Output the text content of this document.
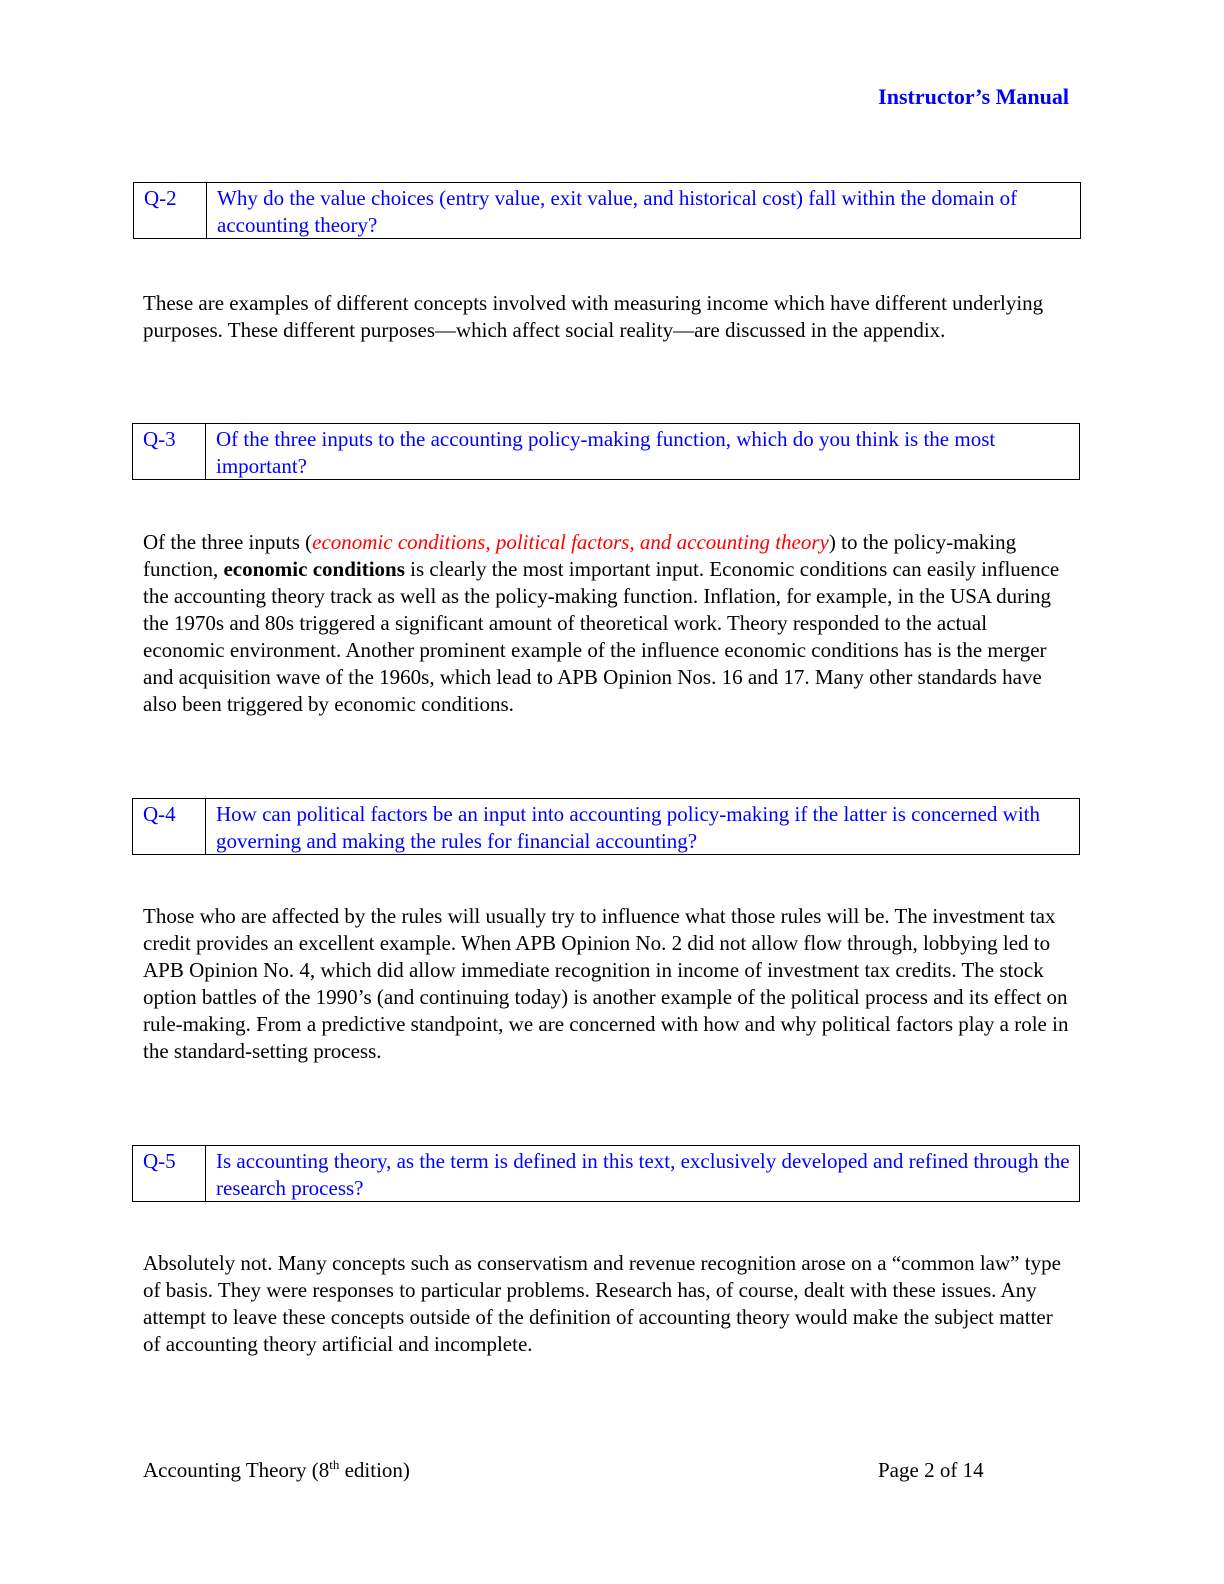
Instructor’s Manual
Q-2	Why do the value choices (entry value, exit value, and historical cost) fall within the domain of accounting theory?

These are examples of different concepts involved with measuring income which have different underlying purposes. These different purposes—which affect social reality—are discussed in the appendix.

Q-3	Of the three inputs to the accounting policy-making function, which do you think is the most important?

Of the three inputs (economic conditions, political factors, and accounting theory) to the policy-making function, economic conditions is clearly the most important input. Economic conditions can easily influence the accounting theory track as well as the policy-making function. Inflation, for example, in the USA during the 1970s and 80s triggered a significant amount of theoretical work. Theory responded to the actual economic environment. Another prominent example of the influence economic conditions has is the merger and acquisition wave of the 1960s, which lead to APB Opinion Nos. 16 and 17. Many other standards have also been triggered by economic conditions.

Q-4	How can political factors be an input into accounting policy-making if the latter is concerned with governing and making the rules for financial accounting?

Those who are affected by the rules will usually try to influence what those rules will be. The investment tax credit provides an excellent example. When APB Opinion No. 2 did not allow flow through, lobbying led to APB Opinion No. 4, which did allow immediate recognition in income of investment tax credits. The stock option battles of the 1990’s (and continuing today) is another example of the political process and its effect on rule-making. From a predictive standpoint, we are concerned with how and why political factors play a role in the standard-setting process.

Q-5	Is accounting theory, as the term is defined in this text, exclusively developed and refined through the research process?

Absolutely not. Many concepts such as conservatism and revenue recognition arose on a “common law” type of basis. They were responses to particular problems. Research has, of course, dealt with these issues. Any attempt to leave these concepts outside of the definition of accounting theory would make the subject matter of accounting theory artificial and incomplete.

Accounting Theory (8th edition)	Page 2 of 14
